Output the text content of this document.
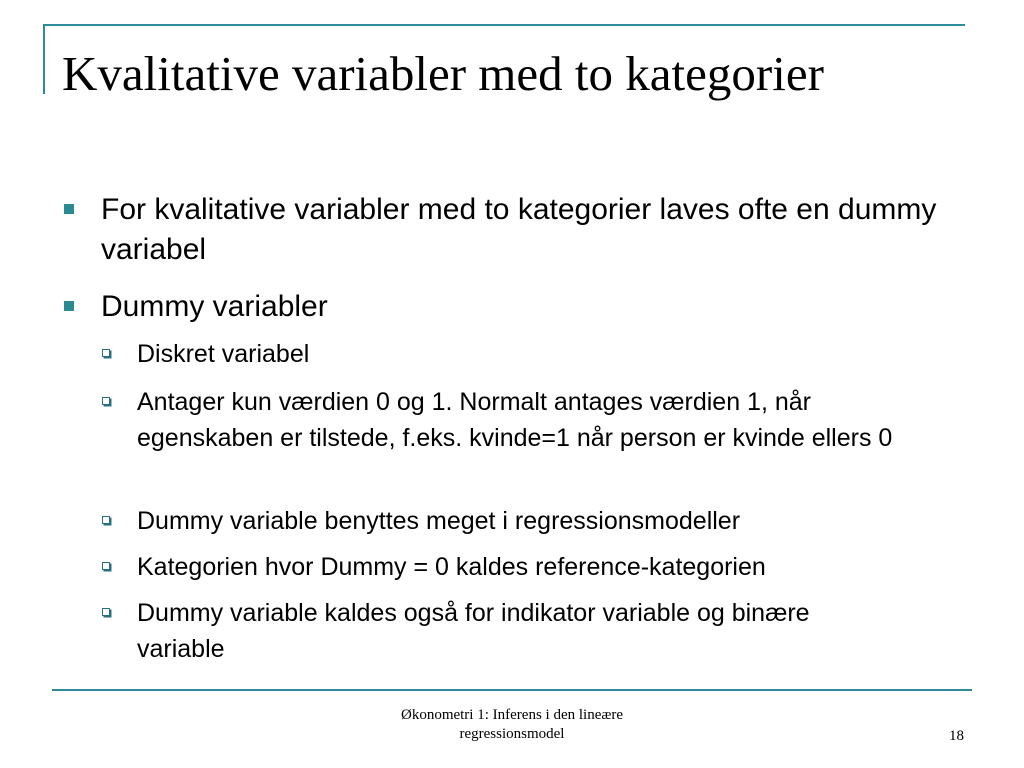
Kvalitative variabler med to kategorier
For kvalitative variabler med to kategorier laves ofte en dummy variabel
Dummy variabler
Diskret variabel
Antager kun værdien 0 og 1. Normalt antages værdien 1, når egenskaben er tilstede, f.eks. kvinde=1 når person er kvinde ellers 0
Dummy variable benyttes meget i regressionsmodeller
Kategorien hvor Dummy = 0 kaldes reference-kategorien
Dummy variable kaldes også for indikator variable og binære variable
Økonometri 1: Inferens i den lineære regressionsmodel	18
